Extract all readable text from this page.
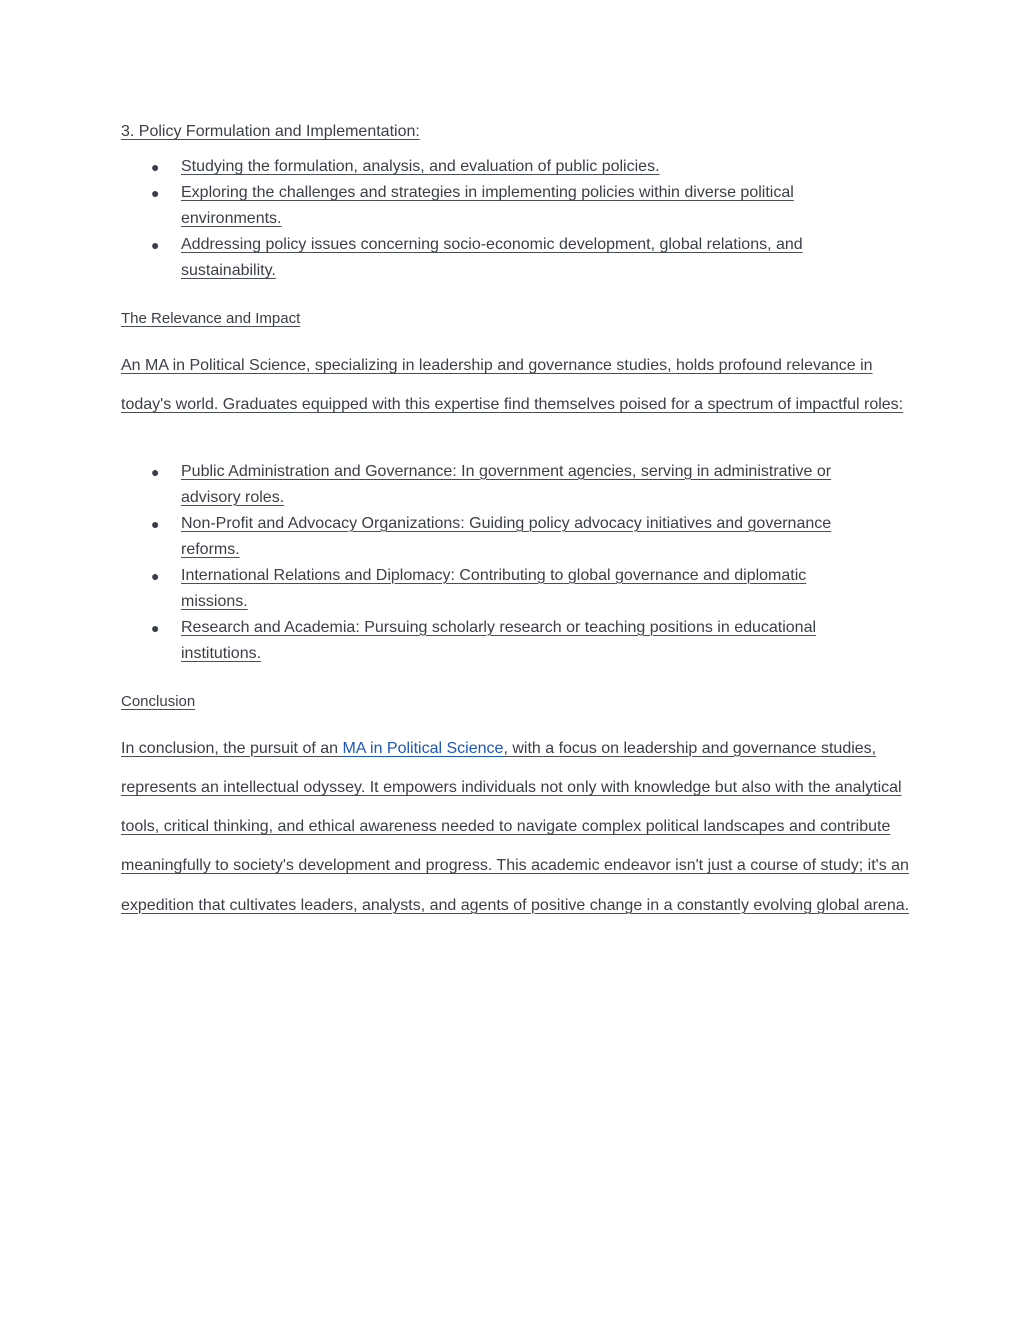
3. Policy Formulation and Implementation:
● Studying the formulation, analysis, and evaluation of public policies.
● Exploring the challenges and strategies in implementing policies within diverse political environments.
● Addressing policy issues concerning socio-economic development, global relations, and sustainability.
The Relevance and Impact

An MA in Political Science, specializing in leadership and governance studies, holds profound relevance in today's world. Graduates equipped with this expertise find themselves poised for a spectrum of impactful roles:

● Public Administration and Governance: In government agencies, serving in administrative or advisory roles.
● Non-Profit and Advocacy Organizations: Guiding policy advocacy initiatives and governance reforms.
● International Relations and Diplomacy: Contributing to global governance and diplomatic missions.
● Research and Academia: Pursuing scholarly research or teaching positions in educational institutions.
Conclusion

In conclusion, the pursuit of an MA in Political Science, with a focus on leadership and governance studies, represents an intellectual odyssey. It empowers individuals not only with knowledge but also with the analytical tools, critical thinking, and ethical awareness needed to navigate complex political landscapes and contribute meaningfully to society's development and progress. This academic endeavor isn't just a course of study; it's an expedition that cultivates leaders, analysts, and agents of positive change in a constantly evolving global arena.
